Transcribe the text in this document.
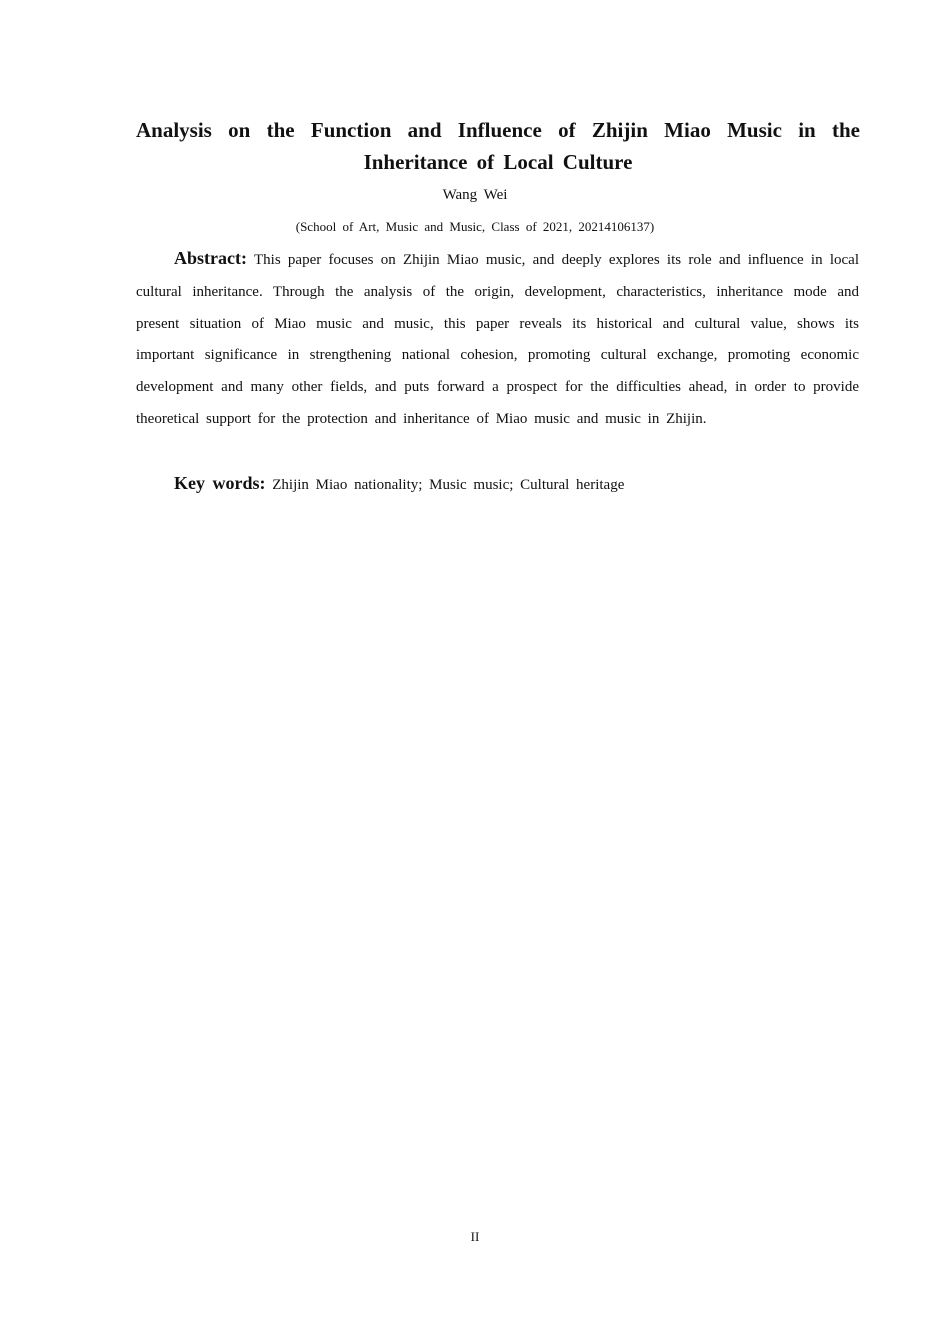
Analysis on the Function and Influence of Zhijin Miao Music in the
Inheritance of Local Culture
Wang Wei
(School of Art, Music and Music, Class of 2021, 20214106137)

Abstract: This paper focuses on Zhijin Miao music, and deeply explores its role and influence in local cultural inheritance. Through the analysis of the origin, development, characteristics, inheritance mode and present situation of Miao music and music, this paper reveals its historical and cultural value, shows its important significance in strengthening national cohesion, promoting cultural exchange, promoting economic development and many other fields, and puts forward a prospect for the difficulties ahead, in order to provide theoretical support for the protection and inheritance of Miao music and music in Zhijin.

Key words: Zhijin Miao nationality; Music music; Cultural heritage

II
